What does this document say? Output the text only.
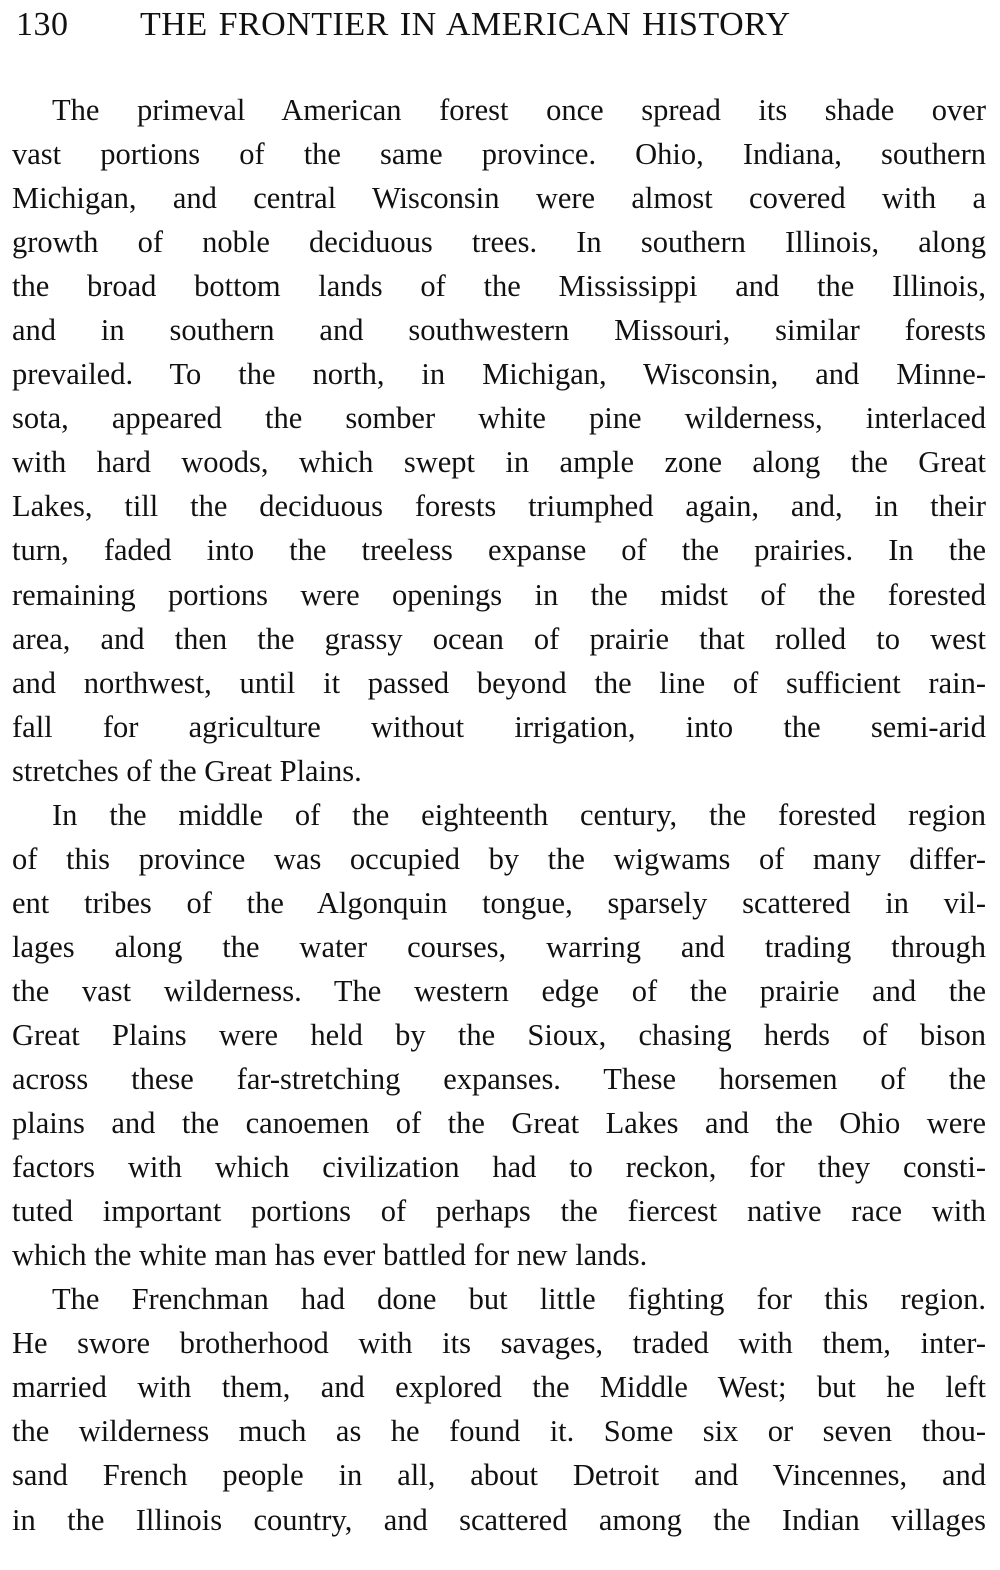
130 THE FRONTIER IN AMERICAN HISTORY
The primeval American forest once spread its shade over
vast portions of the same province. Ohio, Indiana, southern
Michigan, and central Wisconsin were almost covered with a
growth of noble deciduous trees. In southern Illinois, along
the broad bottom lands of the Mississippi and the Illinois,
and in southern and southwestern Missouri, similar forests
prevailed. To the north, in Michigan, Wisconsin, and Minne-
sota, appeared the somber white pine wilderness, interlaced
with hard woods, which swept in ample zone along the Great
Lakes, till the deciduous forests triumphed again, and, in their
turn, faded into the treeless expanse of the prairies. In the
remaining portions were openings in the midst of the forested
area, and then the grassy ocean of prairie that rolled to west
and northwest, until it passed beyond the line of sufficient rain-
fall for agriculture without irrigation, into the semi-arid
stretches of the Great Plains.
In the middle of the eighteenth century, the forested region
of this province was occupied by the wigwams of many differ-
ent tribes of the Algonquin tongue, sparsely scattered in vil-
lages along the water courses, warring and trading through
the vast wilderness. The western edge of the prairie and the
Great Plains were held by the Sioux, chasing herds of bison
across these far-stretching expanses. These horsemen of the
plains and the canoemen of the Great Lakes and the Ohio were
factors with which civilization had to reckon, for they consti-
tuted important portions of perhaps the fiercest native race with
which the white man has ever battled for new lands.
The Frenchman had done but little fighting for this region.
He swore brotherhood with its savages, traded with them, inter-
married with them, and explored the Middle West; but he left
the wilderness much as he found it. Some six or seven thou-
sand French people in all, about Detroit and Vincennes, and
in the Illinois country, and scattered among the Indian villages
